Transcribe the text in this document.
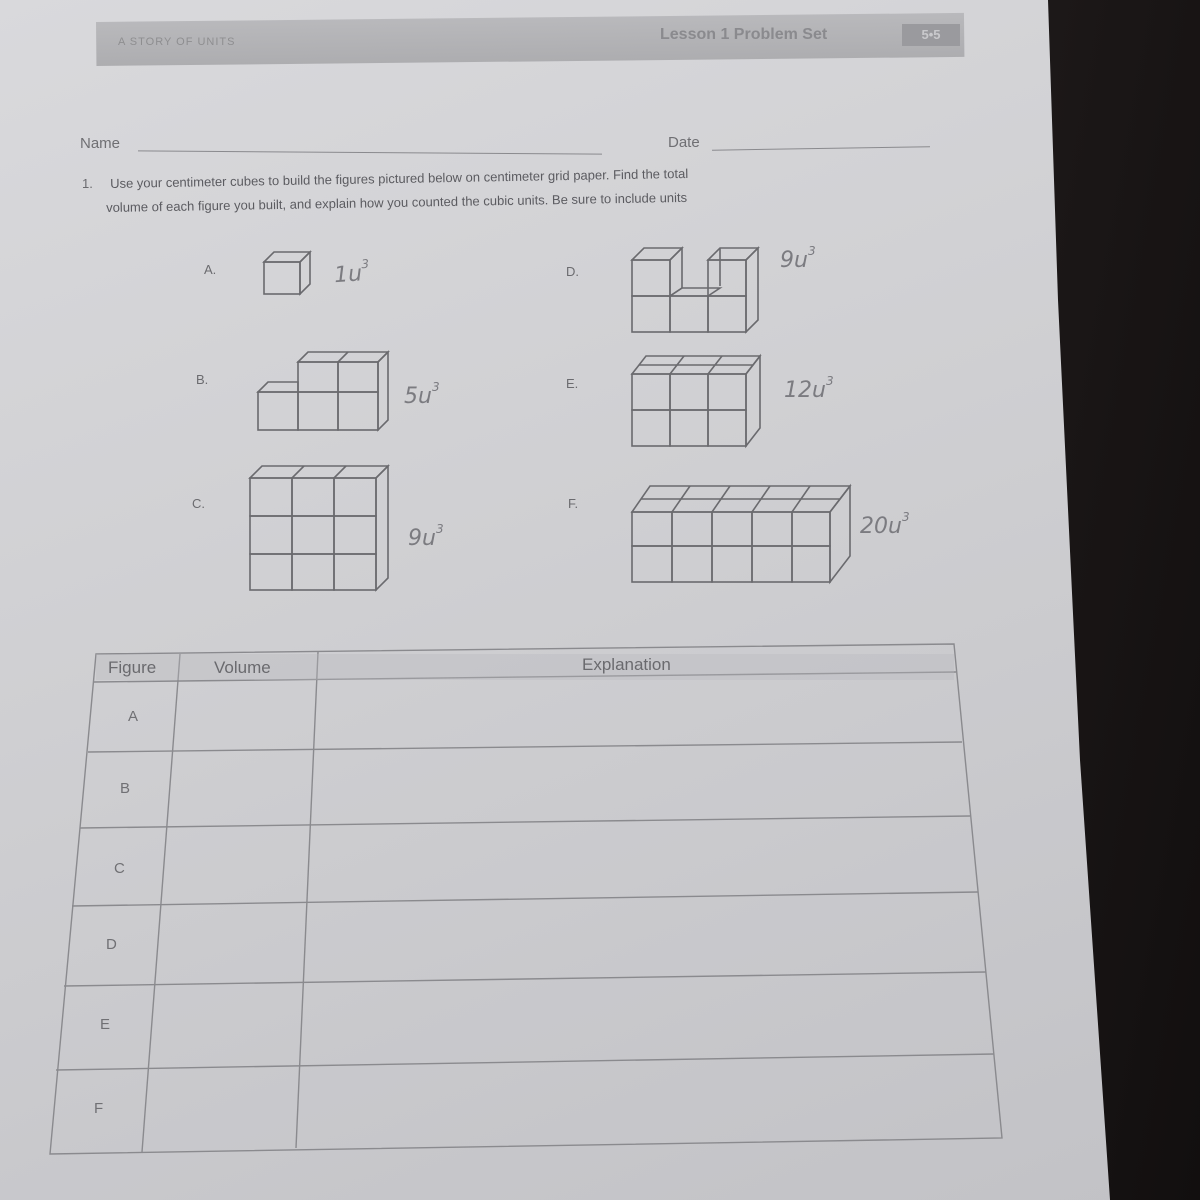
A STORY OF UNITS	Lesson 1 Problem Set	5•5
Name	Date
1. Use your centimeter cubes to build the figures pictured below on centimeter grid paper. Find the total
volume of each figure you built, and explain how you counted the cubic units. Be sure to include units
A.
B.
C.
D.
E.
F.
$1u^3$
$5u^3$
$9u^3$
$9u^3$
$12u^3$
$20u^3$
Figure	Volume	Explanation
A
B
C
D
E
F
